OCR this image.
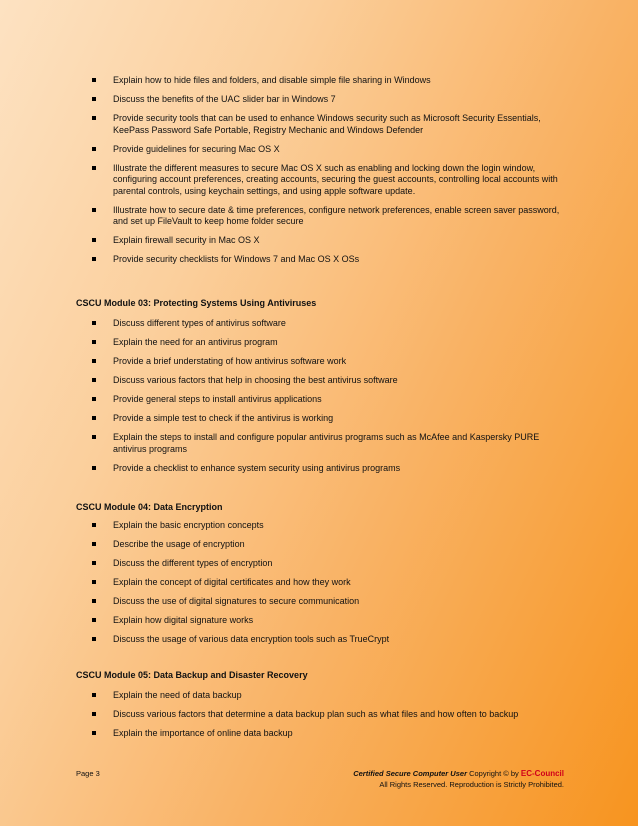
Explain how to hide files and folders, and disable simple file sharing in Windows
Discuss the benefits of the UAC slider bar in Windows 7
Provide security tools that can be used to enhance Windows security such as Microsoft Security Essentials, KeePass Password Safe Portable, Registry Mechanic and Windows Defender
Provide guidelines for securing Mac OS X
Illustrate the different measures to secure Mac OS X such as enabling and locking down the login window, configuring account preferences, creating accounts, securing the guest accounts, controlling local accounts with parental controls, using keychain settings, and using apple software update.
Illustrate how to secure date & time preferences, configure network preferences, enable screen saver password, and set up FileVault to keep home folder secure
Explain firewall security in Mac OS X
Provide security checklists for Windows 7 and Mac OS X OSs
CSCU Module 03: Protecting Systems Using Antiviruses
Discuss different types of antivirus software
Explain the need for an antivirus program
Provide a brief understating of how antivirus software work
Discuss various factors that help in choosing the best antivirus software
Provide general steps to install antivirus applications
Provide a simple test to check if the antivirus is working
Explain the steps to install and configure popular antivirus programs such as McAfee and Kaspersky PURE antivirus programs
Provide a checklist to enhance system security using antivirus programs
CSCU Module 04: Data Encryption
Explain the basic encryption concepts
Describe the usage of encryption
Discuss the different types of encryption
Explain the concept of digital certificates and how they work
Discuss the use of digital signatures to secure communication
Explain how digital signature works
Discuss the usage of various data encryption tools such as TrueCrypt
CSCU Module 05: Data Backup and Disaster Recovery
Explain the need of data backup
Discuss various factors that determine a data backup plan such as what files and how often to backup
Explain the importance of online data backup
Page 3	Certified Secure Computer User Copyright © by EC-Council
All Rights Reserved. Reproduction is Strictly Prohibited.
